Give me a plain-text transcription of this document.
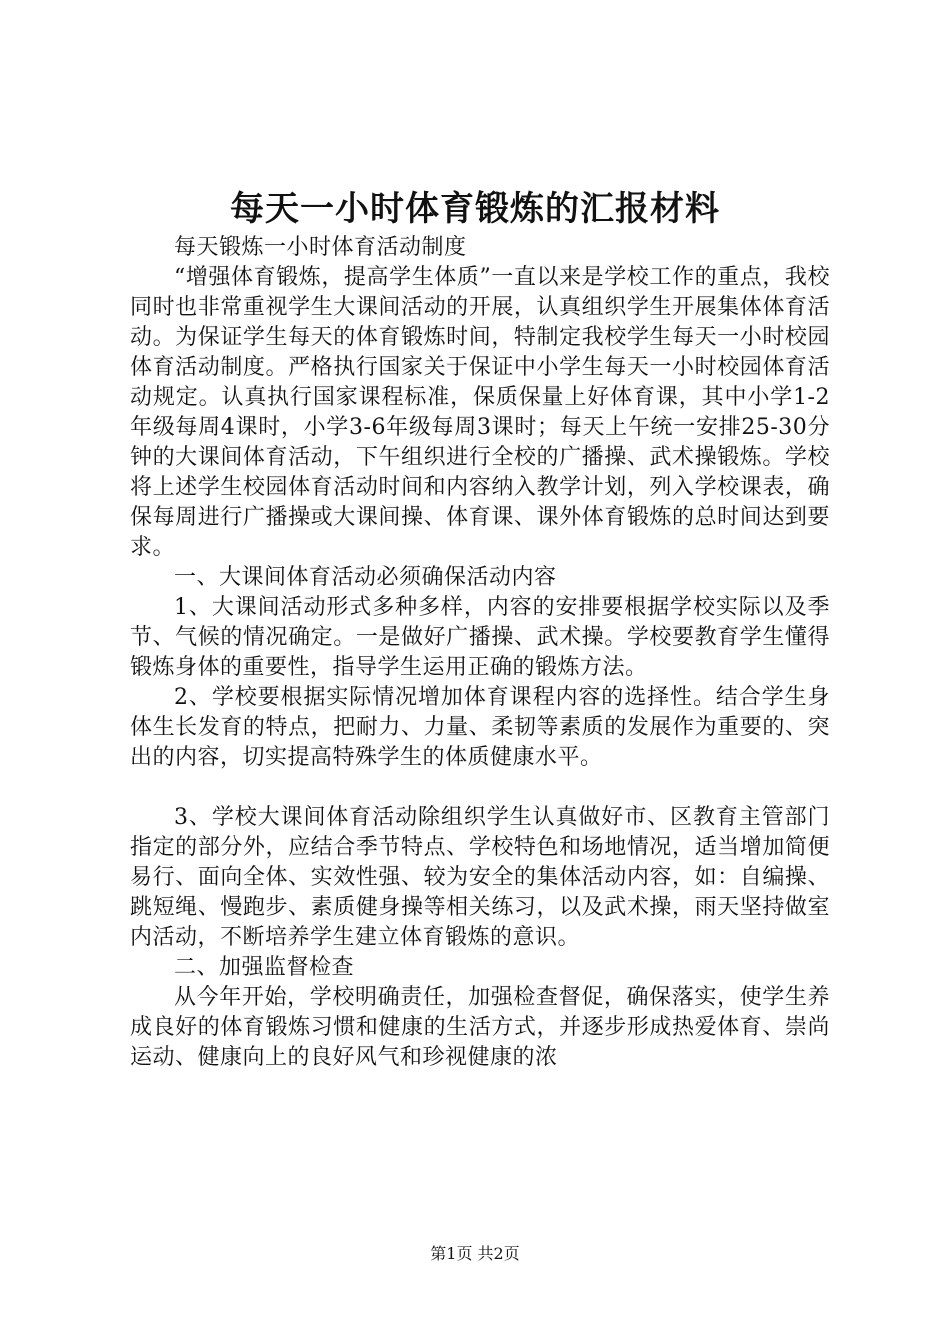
每天一小时体育锻炼的汇报材料

每天锻炼一小时体育活动制度

“增强体育锻炼，提高学生体质”一直以来是学校工作的重点，我校同时也非常重视学生大课间活动的开展，认真组织学生开展集体体育活动。为保证学生每天的体育锻炼时间，特制定我校学生每天一小时校园体育活动制度。严格执行国家关于保证中小学生每天一小时校园体育活动规定。认真执行国家课程标准，保质保量上好体育课，其中小学1-2年级每周4课时，小学3-6年级每周3课时；每天上午统一安排25-30分钟的大课间体育活动，下午组织进行全校的广播操、武术操锻炼。学校将上述学生校园体育活动时间和内容纳入教学计划，列入学校课表，确保每周进行广播操或大课间操、体育课、课外体育锻炼的总时间达到要求。

一、大课间体育活动必须确保活动内容

1、大课间活动形式多种多样，内容的安排要根据学校实际以及季节、气候的情况确定。一是做好广播操、武术操。学校要教育学生懂得锻炼身体的重要性，指导学生运用正确的锻炼方法。

2、学校要根据实际情况增加体育课程内容的选择性。结合学生身体生长发育的特点，把耐力、力量、柔韧等素质的发展作为重要的、突出的内容，切实提高特殊学生的体质健康水平。

3、学校大课间体育活动除组织学生认真做好市、区教育主管部门指定的部分外，应结合季节特点、学校特色和场地情况，适当增加简便易行、面向全体、实效性强、较为安全的集体活动内容，如：自编操、跳短绳、慢跑步、素质健身操等相关练习，以及武术操，雨天坚持做室内活动，不断培养学生建立体育锻炼的意识。

二、加强监督检查

从今年开始，学校明确责任，加强检查督促，确保落实，使学生养成良好的体育锻炼习惯和健康的生活方式，并逐步形成热爱体育、崇尚运动、健康向上的良好风气和珍视健康的浓

第1页 共2页
